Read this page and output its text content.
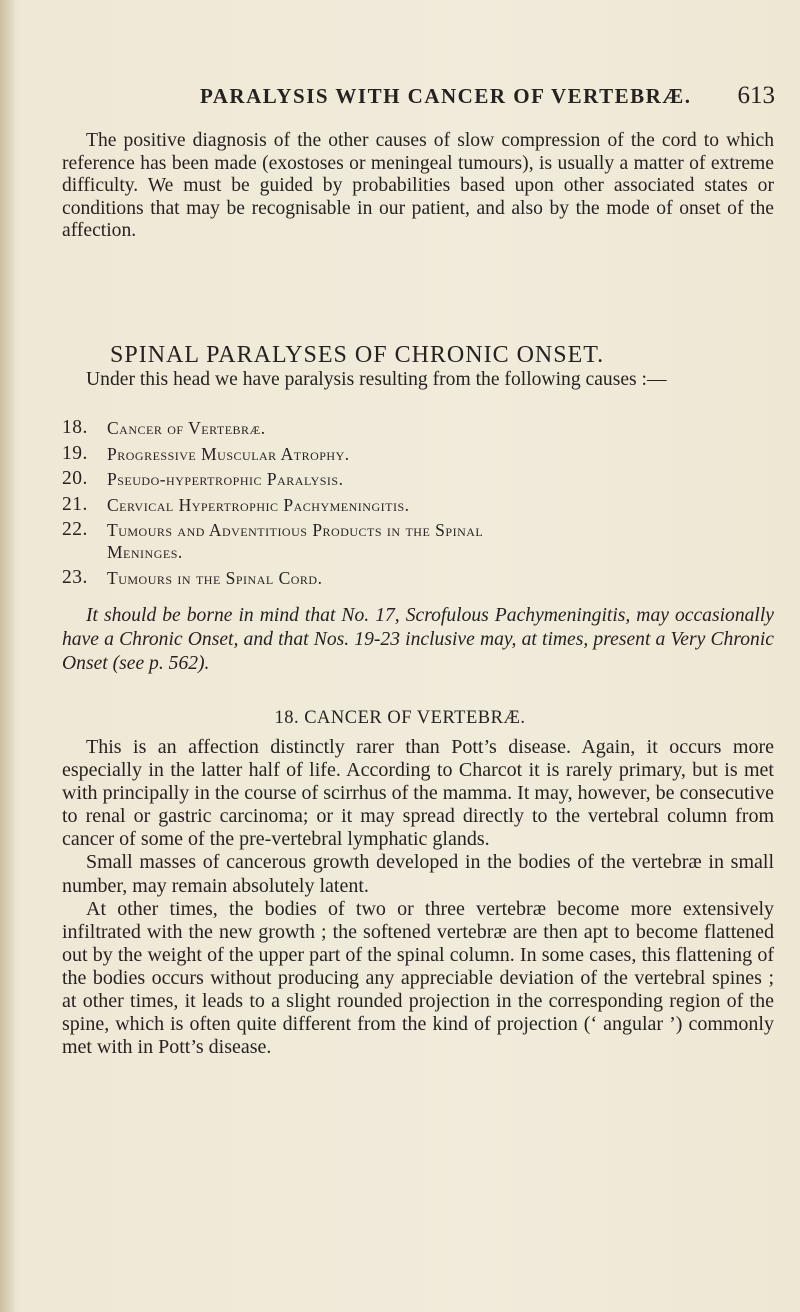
PARALYSIS WITH CANCER OF VERTEBRÆ. 613

The positive diagnosis of the other causes of slow compression of the cord to which reference has been made (exostoses or meningeal tumours), is usually a matter of extreme difficulty. We must be guided by probabilities based upon other associated states or conditions that may be recognisable in our patient, and also by the mode of onset of the affection.

SPINAL PARALYSES OF CHRONIC ONSET.

Under this head we have paralysis resulting from the following causes :—

18. Cancer of Vertebræ.
19. Progressive Muscular Atrophy.
20. Pseudo-hypertrophic Paralysis.
21. Cervical Hypertrophic Pachymeningitis.
22. Tumours and Adventitious Products in the Spinal
Meninges.
23. Tumours in the Spinal Cord.

It should be borne in mind that No. 17, Scrofulous Pachymeningitis, may occasionally have a Chronic Onset, and that Nos. 19-23 inclusive may, at times, present a Very Chronic Onset (see p. 562).

18. CANCER OF VERTEBRÆ.

This is an affection distinctly rarer than Pott’s disease. Again, it occurs more especially in the latter half of life. According to Charcot it is rarely primary, but is met with principally in the course of scirrhus of the mamma. It may, however, be consecutive to renal or gastric carcinoma; or it may spread directly to the vertebral column from cancer of some of the pre-vertebral lymphatic glands.

Small masses of cancerous growth developed in the bodies of the vertebræ in small number, may remain absolutely latent.

At other times, the bodies of two or three vertebræ become more extensively infiltrated with the new growth ; the softened vertebræ are then apt to become flattened out by the weight of the upper part of the spinal column. In some cases, this flattening of the bodies occurs without producing any appreciable deviation of the vertebral spines ; at other times, it leads to a slight rounded projection in the corresponding region of the spine, which is often quite different from the kind of projection (‘ angular ’) commonly met with in Pott’s disease.
